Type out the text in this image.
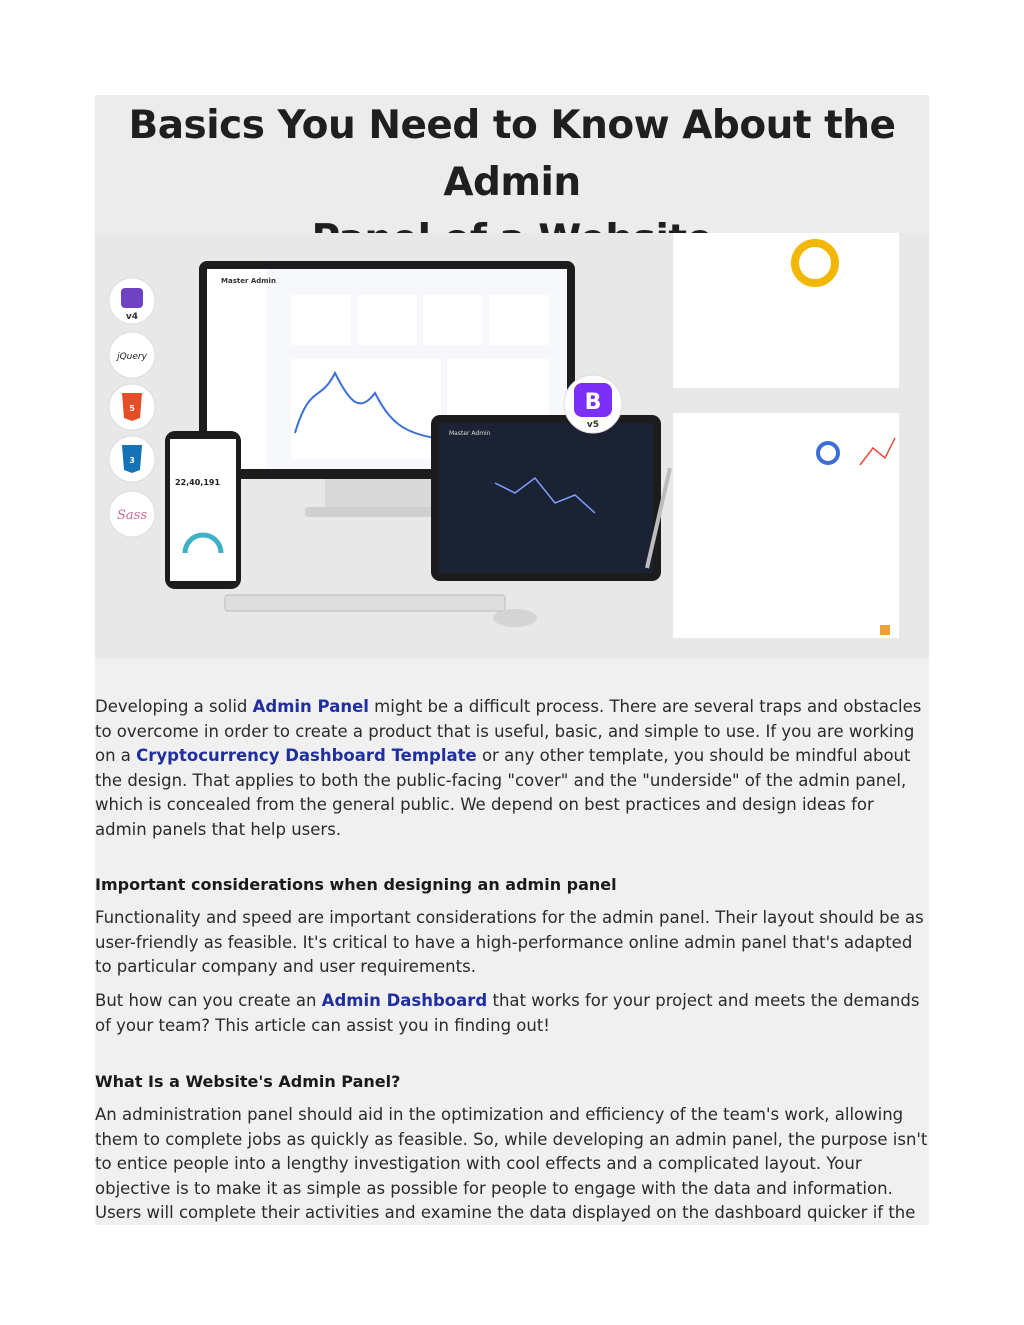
Basics You Need to Know About the Admin
v4
jQuery
5
3
Sass
Master Admin
22,40,191
Master Admin
B
v5
Developing a solid Admin Panel might be a difficult process. There are several traps and obstacles to overcome in order to create a product that is useful, basic, and simple to use. If you are working on a Cryptocurrency Dashboard Template or any other template, you should be mindful about the design. That applies to both the public-facing "cover" and the "underside" of the admin panel, which is concealed from the general public. We depend on best practices and design ideas for admin panels that help users.
Important considerations when designing an admin panel
Functionality and speed are important considerations for the admin panel. Their layout should be as user-friendly as feasible. It's critical to have a high-performance online admin panel that's adapted to particular company and user requirements.
But how can you create an Admin Dashboard that works for your project and meets the demands of your team? This article can assist you in finding out!
What Is a Website's Admin Panel?
An administration panel should aid in the optimization and efficiency of the team's work, allowing them to complete jobs as quickly as feasible. So, while developing an admin panel, the purpose isn't to entice people into a lengthy investigation with cool effects and a complicated layout. Your objective is to make it as simple as possible for people to engage with the data and information.
Users will complete their activities and examine the data displayed on the dashboard quicker if the
